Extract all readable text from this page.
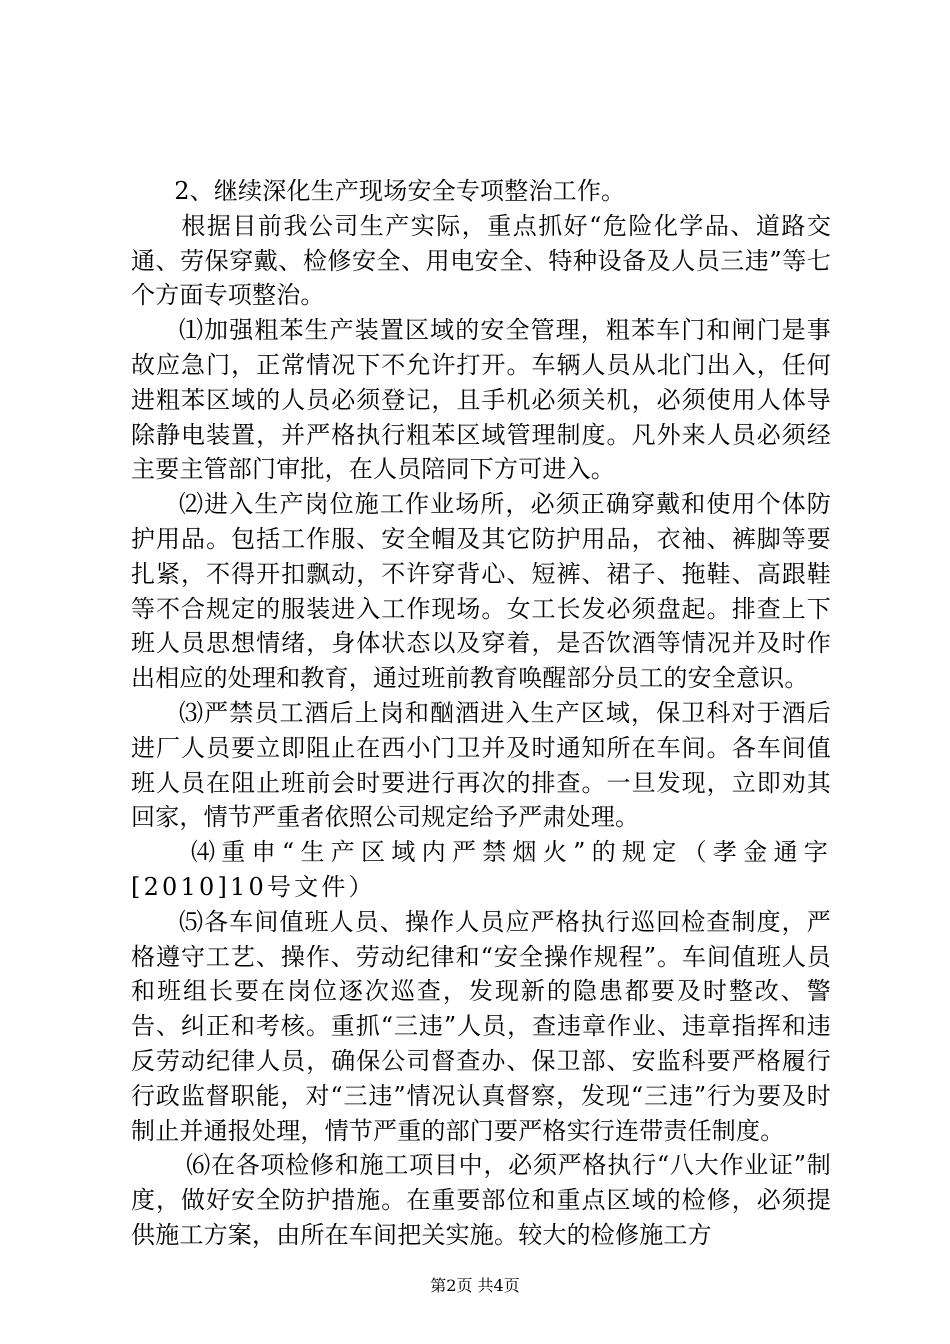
2、继续深化生产现场安全专项整治工作。

根据目前我公司生产实际，重点抓好“危险化学品、道路交通、劳保穿戴、检修安全、用电安全、特种设备及人员三违”等七个方面专项整治。

⑴加强粗苯生产装置区域的安全管理，粗苯车门和闸门是事故应急门，正常情况下不允许打开。车辆人员从北门出入，任何进粗苯区域的人员必须登记，且手机必须关机，必须使用人体导除静电装置，并严格执行粗苯区域管理制度。凡外来人员必须经主要主管部门审批，在人员陪同下方可进入。

⑵进入生产岗位施工作业场所，必须正确穿戴和使用个体防护用品。包括工作服、安全帽及其它防护用品，衣袖、裤脚等要扎紧，不得开扣飘动，不许穿背心、短裤、裙子、拖鞋、高跟鞋等不合规定的服装进入工作现场。女工长发必须盘起。排查上下班人员思想情绪，身体状态以及穿着，是否饮酒等情况并及时作出相应的处理和教育，通过班前教育唤醒部分员工的安全意识。

⑶严禁员工酒后上岗和酗酒进入生产区域，保卫科对于酒后进厂人员要立即阻止在西小门卫并及时通知所在车间。各车间值班人员在阻止班前会时要进行再次的排查。一旦发现，立即劝其回家，情节严重者依照公司规定给予严肃处理。

⑷重申“生产区域内严禁烟火”的规定（孝金通字[2010]10号文件）

⑸各车间值班人员、操作人员应严格执行巡回检查制度，严格遵守工艺、操作、劳动纪律和“安全操作规程”。车间值班人员和班组长要在岗位逐次巡查，发现新的隐患都要及时整改、警告、纠正和考核。重抓“三违”人员，查违章作业、违章指挥和违反劳动纪律人员，确保公司督查办、保卫部、安监科要严格履行行政监督职能，对“三违”情况认真督察，发现“三违”行为要及时制止并通报处理，情节严重的部门要严格实行连带责任制度。

⑹在各项检修和施工项目中，必须严格执行“八大作业证”制度，做好安全防护措施。在重要部位和重点区域的检修，必须提供施工方案，由所在车间把关实施。较大的检修施工方

第2页 共4页
